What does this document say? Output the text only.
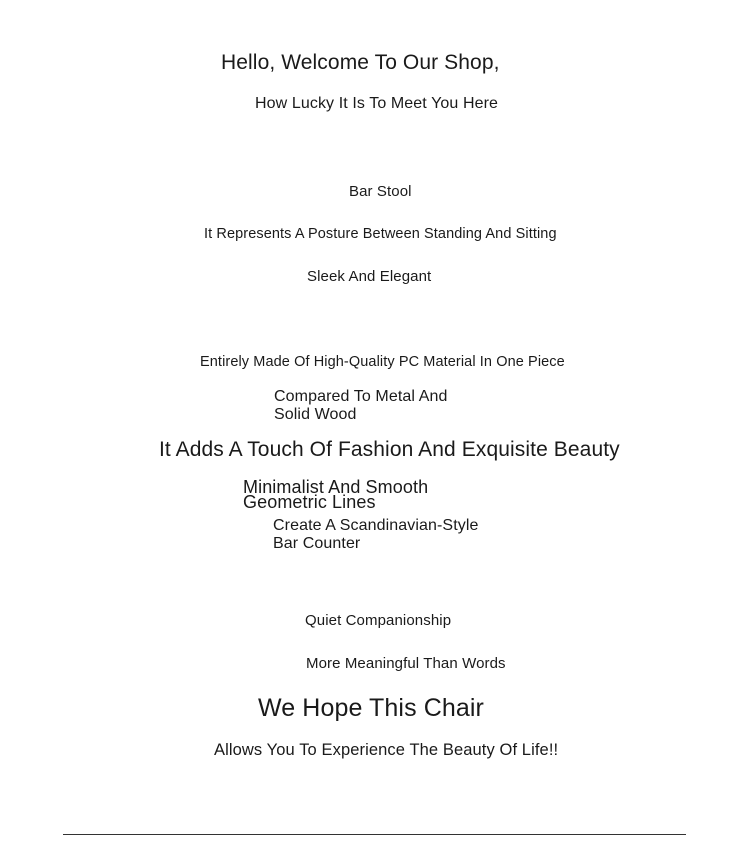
Hello, Welcome To Our Shop,

How Lucky It Is To Meet You Here

Bar Stool

It Represents A Posture Between Standing And Sitting

Sleek And Elegant

Entirely Made Of High-Quality PC Material In One Piece

Compared To Metal And Solid Wood

It Adds A Touch Of Fashion And Exquisite Beauty

Minimalist And Smooth Geometric Lines

Create A Scandinavian-Style Bar Counter

Quiet Companionship

More Meaningful Than Words

We Hope This Chair

Allows You To Experience The Beauty Of Life!!
